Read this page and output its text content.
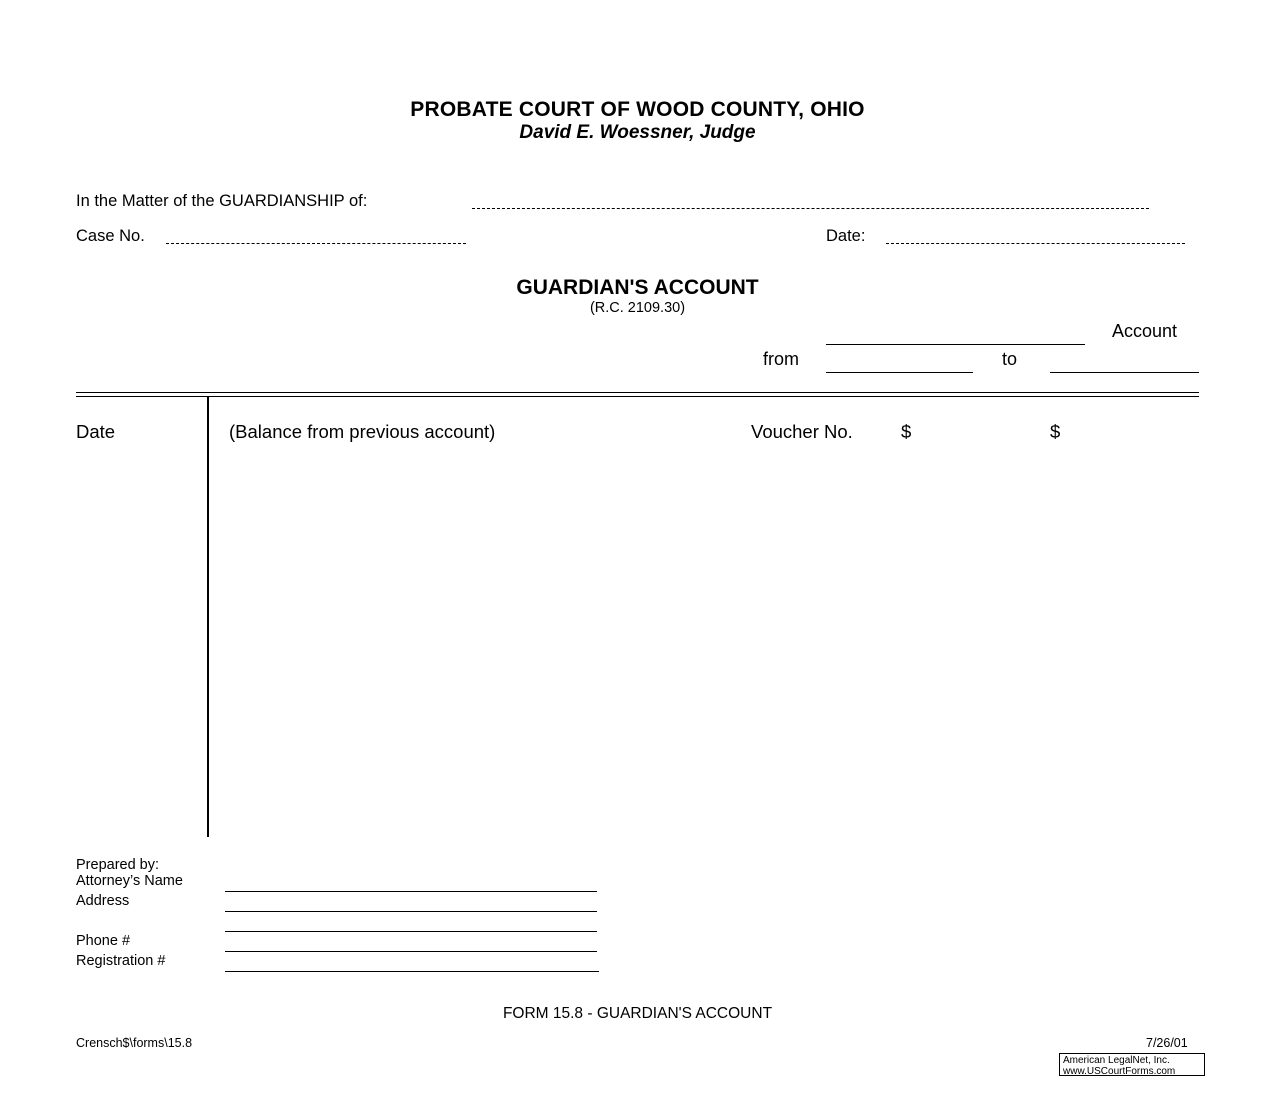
PROBATE COURT OF WOOD COUNTY, OHIO
David E. Woessner, Judge
In the Matter of the GUARDIANSHIP of:
Case No.	Date:
GUARDIAN'S ACCOUNT
(R.C. 2109.30)
Account
from	to
Date	(Balance from previous account)	Voucher No.	$	$
Prepared by:
Attorney’s Name
Address
Phone #
Registration #
FORM 15.8 - GUARDIAN'S ACCOUNT
Crensch$\forms\15.8	7/26/01
American LegalNet, Inc.
www.USCourtForms.com
